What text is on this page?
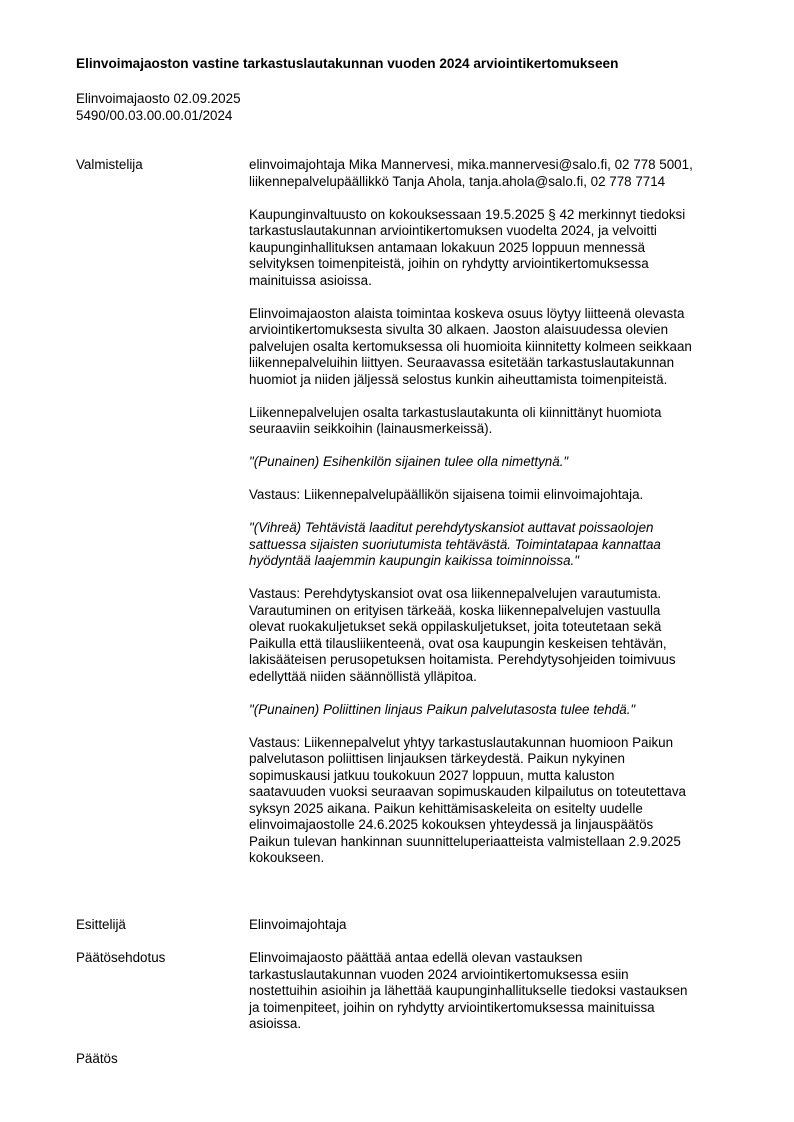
Elinvoimajaoston vastine tarkastuslautakunnan vuoden 2024 arviointikertomukseen
Elinvoimajaosto 02.09.2025
5490/00.03.00.00.01/2024
Valmistelija	elinvoimajohtaja Mika Mannervesi, mika.mannervesi@salo.fi, 02 778 5001,
liikennepalvelupäällikkö Tanja Ahola, tanja.ahola@salo.fi, 02 778 7714
Kaupunginvaltuusto on kokouksessaan 19.5.2025 § 42 merkinnyt tiedoksi
tarkastuslautakunnan arviointikertomuksen vuodelta 2024, ja velvoitti
kaupunginhallituksen antamaan lokakuun 2025 loppuun mennessä
selvityksen toimenpiteistä, joihin on ryhdytty arviointikertomuksessa
mainituissa asioissa.
Elinvoimajaoston alaista toimintaa koskeva osuus löytyy liitteenä olevasta
arviointikertomuksesta sivulta 30 alkaen. Jaoston alaisuudessa olevien
palvelujen osalta kertomuksessa oli huomioita kiinnitetty kolmeen seikkaan
liikennepalveluihin liittyen. Seuraavassa esitetään tarkastuslautakunnan
huomiot ja niiden jäljessä selostus kunkin aiheuttamista toimenpiteistä.
Liikennepalvelujen osalta tarkastuslautakunta oli kiinnittänyt huomiota
seuraaviin seikkoihin (lainausmerkeissä).
"(Punainen) Esihenkilön sijainen tulee olla nimettynä."
Vastaus: Liikennepalvelupäällikön sijaisena toimii elinvoimajohtaja.
"(Vihreä) Tehtävistä laaditut perehdytyskansiot auttavat poissaolojen
sattuessa sijaisten suoriutumista tehtävästä. Toimintatapaa kannattaa
hyödyntää laajemmin kaupungin kaikissa toiminnoissa."
Vastaus: Perehdytyskansiot ovat osa liikennepalvelujen varautumista.
Varautuminen on erityisen tärkeää, koska liikennepalvelujen vastuulla
olevat ruokakuljetukset sekä oppilaskuljetukset, joita toteutetaan sekä
Paikulla että tilausliikenteenä, ovat osa kaupungin keskeisen tehtävän,
lakisääteisen perusopetuksen hoitamista. Perehdytysohjeiden toimivuus
edellyttää niiden säännöllistä ylläpitoa.
"(Punainen) Poliittinen linjaus Paikun palvelutasosta tulee tehdä."
Vastaus: Liikennepalvelut yhtyy tarkastuslautakunnan huomioon Paikun
palvelutason poliittisen linjauksen tärkeydestä. Paikun nykyinen
sopimuskausi jatkuu toukokuun 2027 loppuun, mutta kaluston
saatavuuden vuoksi seuraavan sopimuskauden kilpailutus on toteutettava
syksyn 2025 aikana. Paikun kehittämisaskeleita on esitelty uudelle
elinvoimajaostolle 24.6.2025 kokouksen yhteydessä ja linjauspäätös
Paikun tulevan hankinnan suunnitteluperiaatteista valmistellaan 2.9.2025
kokoukseen.
Esittelijä	Elinvoimajohtaja
Päätösehdotus	Elinvoimajaosto päättää antaa edellä olevan vastauksen
tarkastuslautakunnan vuoden 2024 arviointikertomuksessa esiin
nostettuihin asioihin ja lähettää kaupunginhallitukselle tiedoksi vastauksen
ja toimenpiteet, joihin on ryhdytty arviointikertomuksessa mainituissa
asioissa.
Päätös
